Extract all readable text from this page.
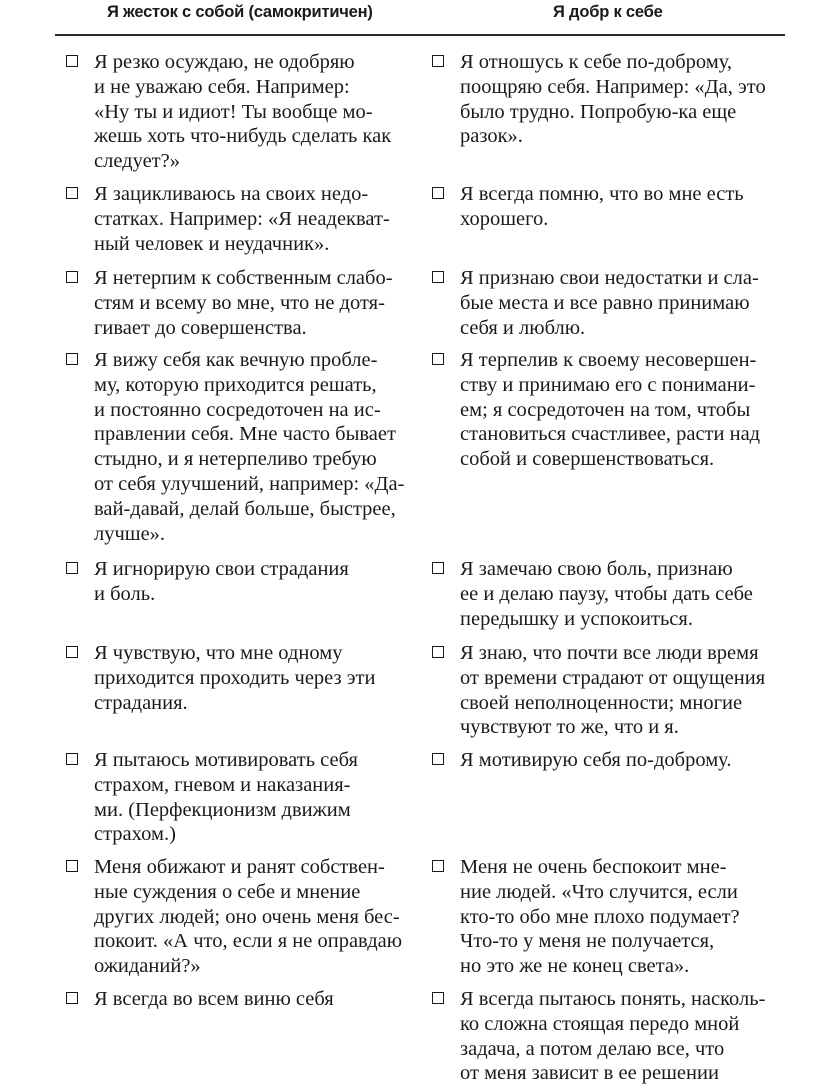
Я жесток с собой (самокритичен)	Я добр к себе
Я резко осуждаю, не одобряю
и не уважаю себя. Например:
«Ну ты и идиот! Ты вообще мо-
жешь хоть что-нибудь сделать как
следует?»
Я отношусь к себе по-доброму,
поощряю себя. Например: «Да, это
было трудно. Попробую-ка еще
разок».
Я зацикливаюсь на своих недо-
статках. Например: «Я неадекват-
ный человек и неудачник».
Я всегда помню, что во мне есть
хорошего.
Я нетерпим к собственным слабо-
стям и всему во мне, что не дотя-
гивает до совершенства.
Я признаю свои недостатки и сла-
бые места и все равно принимаю
себя и люблю.
Я вижу себя как вечную пробле-
му, которую приходится решать,
и постоянно сосредоточен на ис-
правлении себя. Мне часто бывает
стыдно, и я нетерпеливо требую
от себя улучшений, например: «Да-
вай-давай, делай больше, быстрее,
лучше».
Я терпелив к своему несовершен-
ству и принимаю его с понимани-
ем; я сосредоточен на том, чтобы
становиться счастливее, расти над
собой и совершенствоваться.
Я игнорирую свои страдания
и боль.
Я замечаю свою боль, признаю
ее и делаю паузу, чтобы дать себе
передышку и успокоиться.
Я чувствую, что мне одному
приходится проходить через эти
страдания.
Я знаю, что почти все люди время
от времени страдают от ощущения
своей неполноценности; многие
чувствуют то же, что и я.
Я пытаюсь мотивировать себя
страхом, гневом и наказания-
ми. (Перфекционизм движим
страхом.)
Я мотивирую себя по-доброму.
Меня обижают и ранят собствен-
ные суждения о себе и мнение
других людей; оно очень меня бес-
покоит. «А что, если я не оправдаю
ожиданий?»
Меня не очень беспокоит мне-
ние людей. «Что случится, если
кто-то обо мне плохо подумает?
Что-то у меня не получается,
но это же не конец света».
Я всегда во всем виню себя	Я всегда пытаюсь понять, насколь-
ко сложна стоящая передо мной
задача, а потом делаю все, что
от меня зависит в ее решении
